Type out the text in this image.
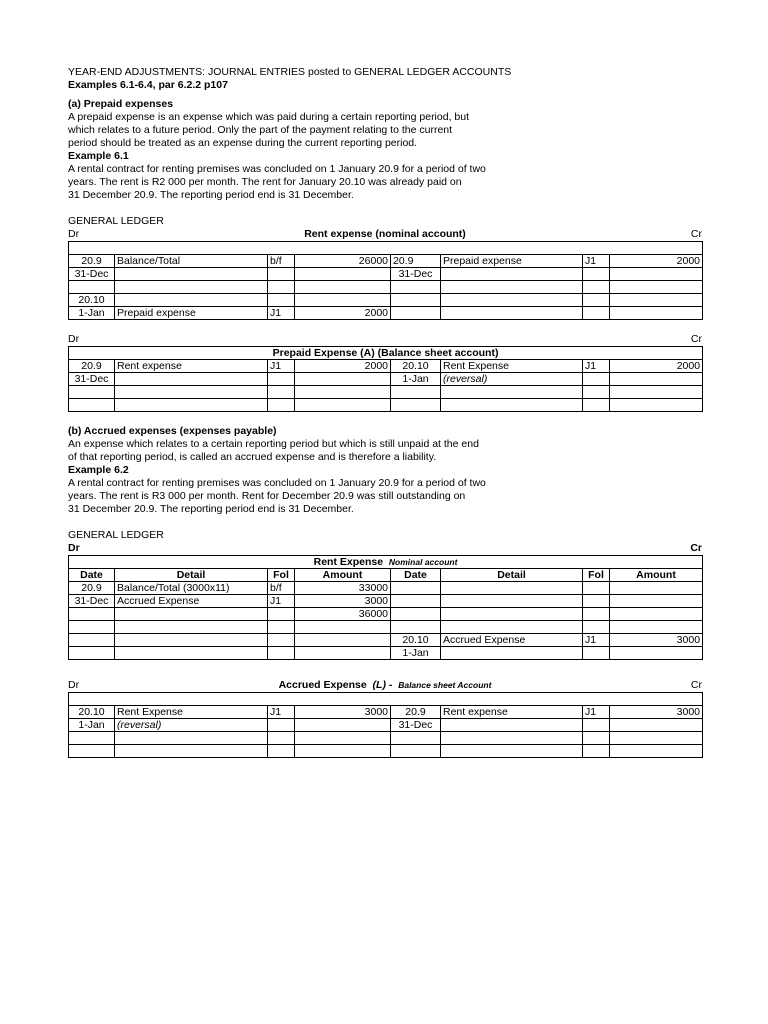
YEAR-END ADJUSTMENTS: JOURNAL ENTRIES posted to GENERAL LEDGER ACCOUNTS
Examples 6.1-6.4, par 6.2.2 p107
(a) Prepaid expenses
A prepaid expense is an expense which was paid during a certain reporting period, but
which relates to a future period. Only the part of the payment relating to the current
period should be treated as an expense during the current reporting period.
Example 6.1
A rental contract for renting premises was concluded on 1 January 20.9 for a period of two
years. The rent is R2 000 per month. The rent for January 20.10 was already paid on
31 December 20.9. The reporting period end is 31 December.
GENERAL LEDGER
Dr	Rent expense (nominal account)	Cr

20.9	Balance/Total	b/f	26000	20.9	Prepaid expense	J1	2000
31-Dec				31-Dec			

20.10							
1-Jan	Prepaid expense	J1	2000				
Dr	Cr
Prepaid Expense (A) (Balance sheet account)							
20.9	Rent expense	J1	2000	20.10	Rent Expense	J1	2000
31-Dec				1-Jan	(reversal)		

(b) Accrued expenses (expenses payable)
An expense which relates to a certain reporting period but which is still unpaid at the end
of that reporting period, is called an accrued expense and is therefore a liability.
Example 6.2
A rental contract for renting premises was concluded on 1 January 20.9 for a period of two
years. The rent is R3 000 per month. Rent for December 20.9 was still outstanding on
31 December 20.9. The reporting period end is 31 December.
GENERAL LEDGER
Dr	Cr
Rent Expense Nominal account							
Date	Detail	Fol	Amount	Date	Detail	Fol	Amount
20.9	Balance/Total (3000x11)	b/f	33000				
31-Dec	Accrued Expense	J1	3000				
			36000				

				20.10	Accrued Expense	J1	3000
				1-Jan			
Dr	Accrued Expense (L) - Balance sheet Account	Cr

20.10	Rent Expense	J1	3000	20.9	Rent expense	J1	3000
1-Jan	(reversal)			31-Dec			
